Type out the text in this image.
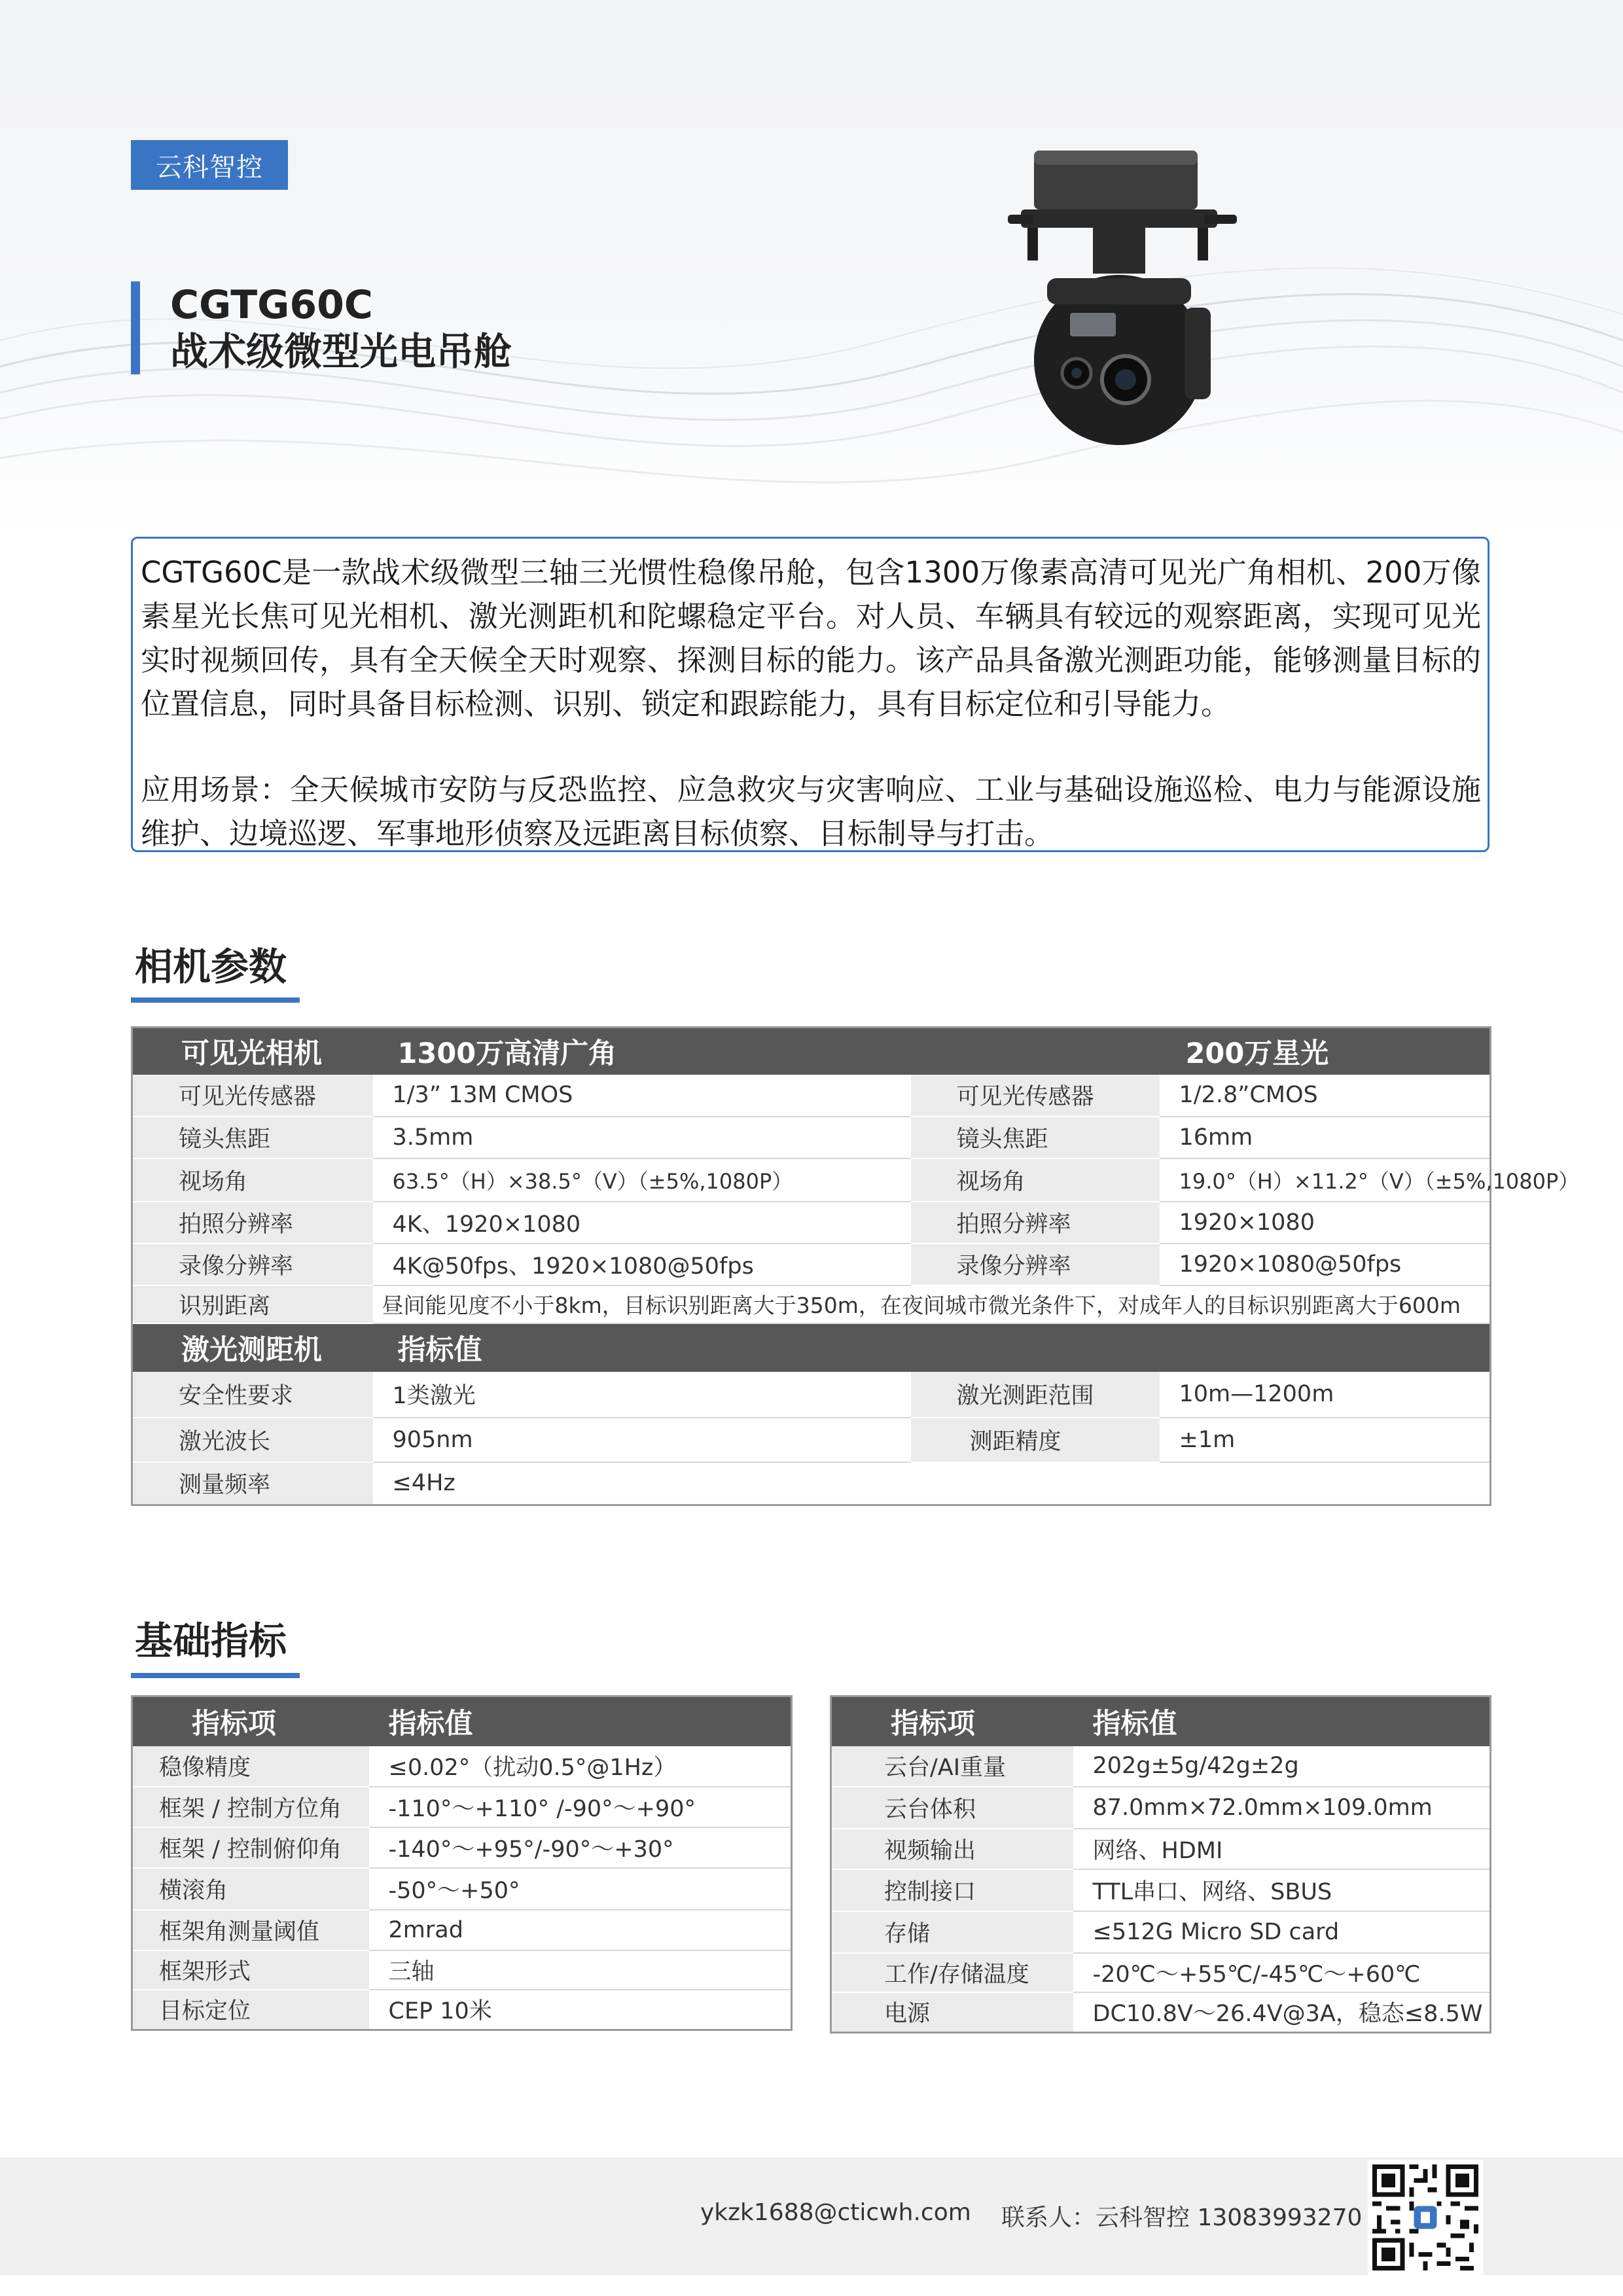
云科智控
CGTG60C
战术级微型光电吊舱

CGTG60C是一款战术级微型三轴三光惯性稳像吊舱，包含1300万像素高清可见光广角相机、200万像素星光长焦可见光相机、激光测距机和陀螺稳定平台。对人员、车辆具有较远的观察距离，实现可见光实时视频回传，具有全天候全天时观察、探测目标的能力。该产品具备激光测距功能，能够测量目标的位置信息，同时具备目标检测、识别、锁定和跟踪能力，具有目标定位和引导能力。

应用场景：全天候城市安防与反恐监控、应急救灾与灾害响应、工业与基础设施巡检、电力与能源设施维护、边境巡逻、军事地形侦察及远距离目标侦察、目标制导与打击。

相机参数
可见光相机	1300万高清广角	200万星光	
可见光传感器	1/3” 13M CMOS	可见光传感器	1/2.8”CMOS
镜头焦距	3.5mm	镜头焦距	16mm
视场角	63.5°（H）×38.5°（V）（±5%,1080P）	视场角	19.0°（H）×11.2°（V）（±5%,1080P）
拍照分辨率	4K、1920×1080	拍照分辨率	1920×1080
录像分辨率	4K@50fps、1920×1080@50fps	录像分辨率	1920×1080@50fps
识别距离	昼间能见度不小于8km，目标识别距离大于350m，在夜间城市微光条件下，对成年人的目标识别距离大于600m		
激光测距机	指标值		
安全性要求	1类激光	激光测距范围	10m—1200m
激光波长	905nm	测距精度	±1m
测量频率	≤4Hz		
基础指标
指标项	指标值
稳像精度	≤0.02°（扰动0.5°@1Hz）
框架 / 控制方位角	-110°～+110° /-90°～+90°
框架 / 控制俯仰角	-140°～+95°/-90°～+30°
横滚角	-50°～+50°
框架角测量阈值	2mrad
框架形式	三轴
目标定位	CEP 10米
指标项	指标值
云台/AI重量	202g±5g/42g±2g
云台体积	87.0mm×72.0mm×109.0mm
视频输出	网络、HDMI
控制接口	TTL串口、网络、SBUS
存储	≤512G Micro SD card
工作/存储温度	-20℃～+55℃/-45℃～+60℃
电源	DC10.8V～26.4V@3A，稳态≤8.5W
ykzk1688@cticwh.com 联系人：云科智控 13083993270
